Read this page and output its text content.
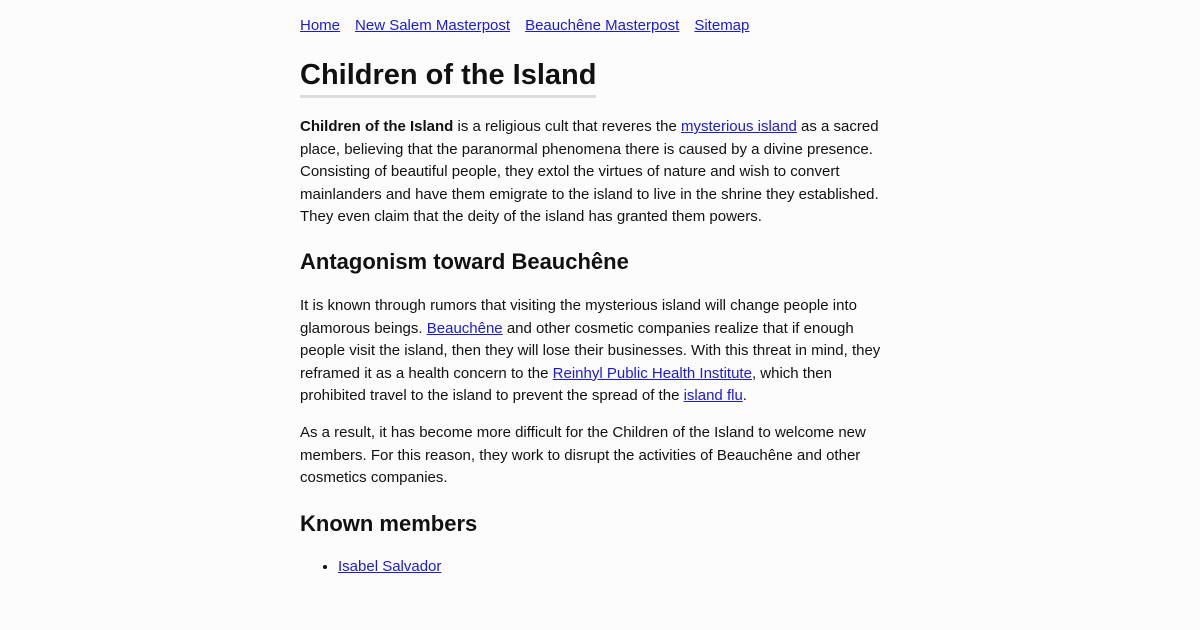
Home New Salem Masterpost Beauchêne Masterpost Sitemap
Children of the Island

Children of the Island is a religious cult that reveres the mysterious island as a sacred place, believing that the paranormal phenomena there is caused by a divine presence. Consisting of beautiful people, they extol the virtues of nature and wish to convert mainlanders and have them emigrate to the island to live in the shrine they established. They even claim that the deity of the island has granted them powers.

Antagonism toward Beauchêne

It is known through rumors that visiting the mysterious island will change people into glamorous beings. Beauchêne and other cosmetic companies realize that if enough people visit the island, then they will lose their businesses. With this threat in mind, they reframed it as a health concern to the Reinhyl Public Health Institute, which then prohibited travel to the island to prevent the spread of the island flu.

As a result, it has become more difficult for the Children of the Island to welcome new members. For this reason, they work to disrupt the activities of Beauchêne and other cosmetics companies.

Known members
• Isabel Salvador
